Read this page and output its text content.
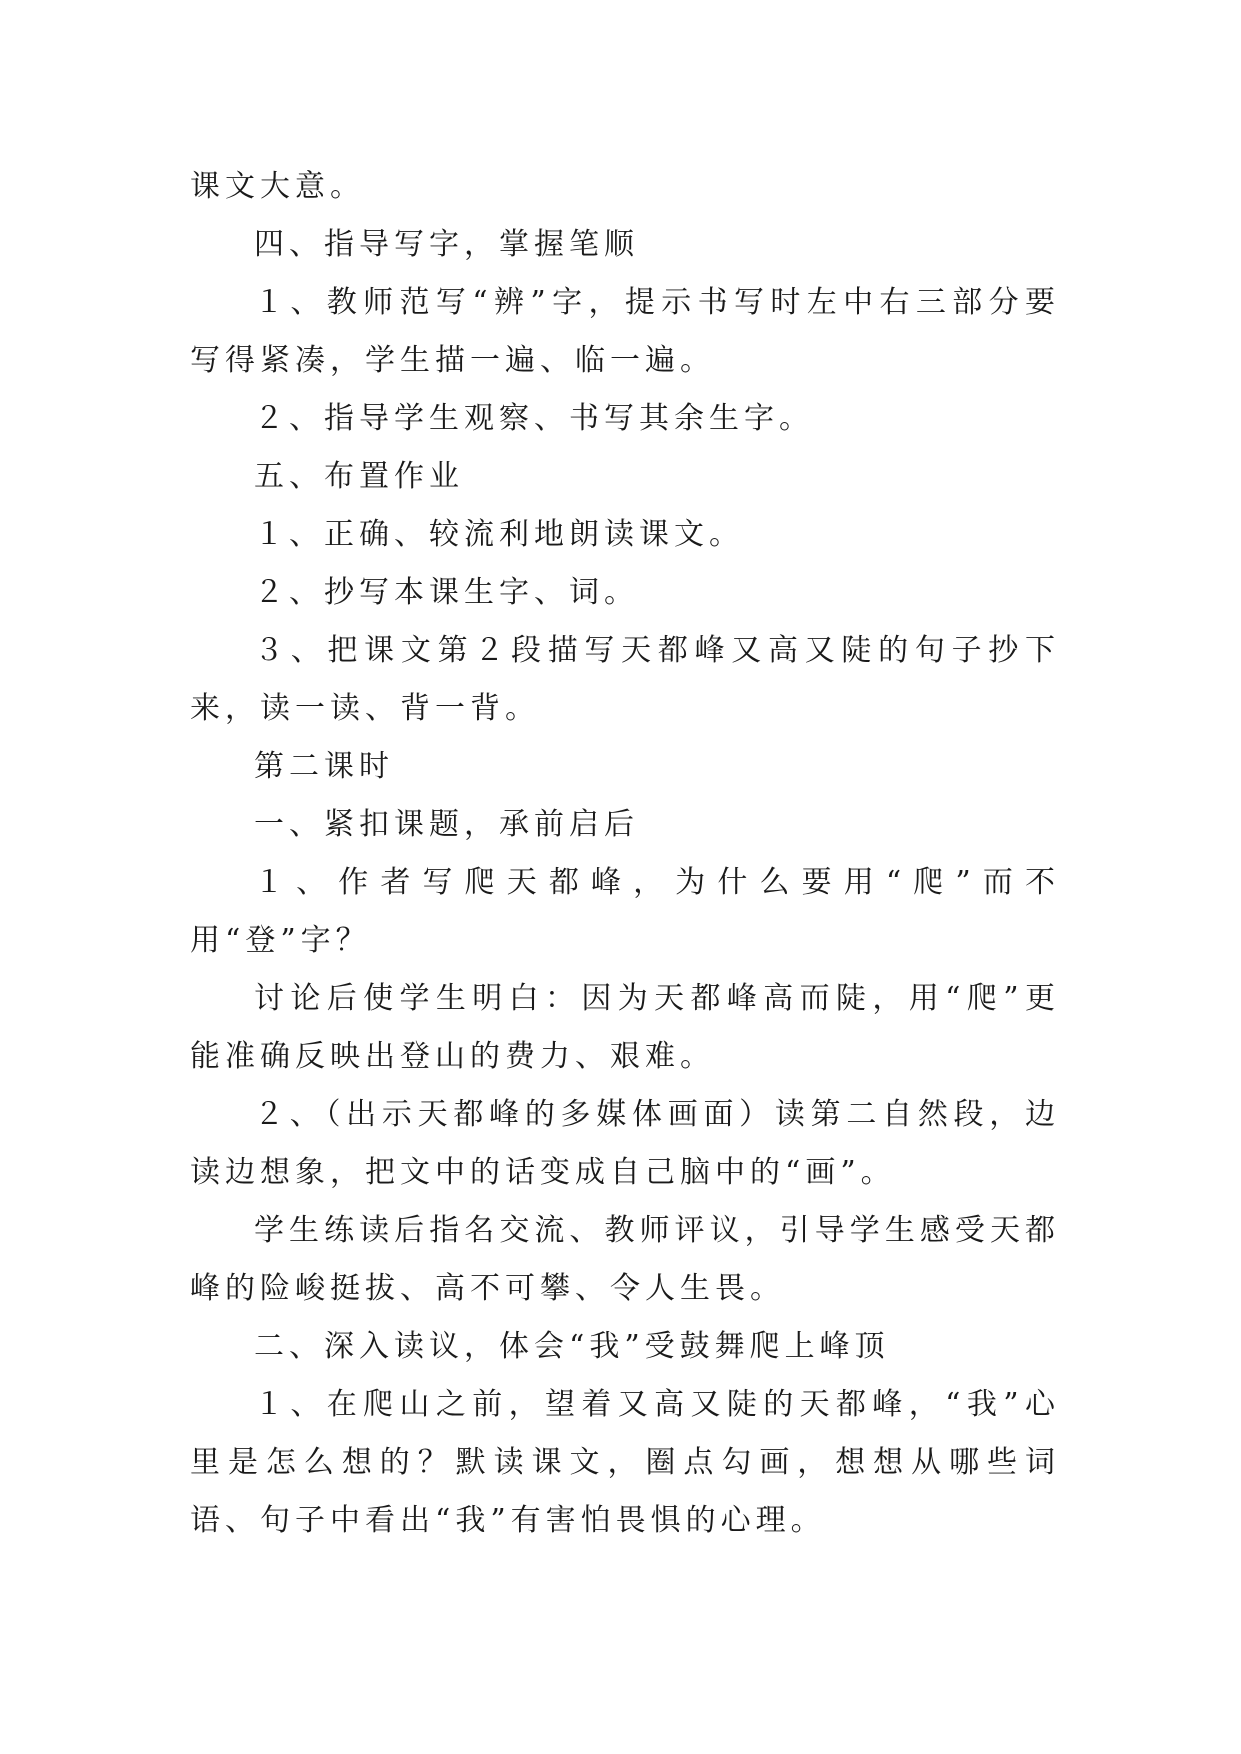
课文大意。

四、指导写字，掌握笔顺

１、教师范写“辨”字，提示书写时左中右三部分要写得紧凑，学生描一遍、临一遍。

２、指导学生观察、书写其余生字。

五、布置作业

１、正确、较流利地朗读课文。

２、抄写本课生字、词。

３、把课文第２段描写天都峰又高又陡的句子抄下来，读一读、背一背。

第二课时

一、紧扣课题，承前启后

１、作者写爬天都峰，为什么要用“爬”而不用“登”字？

讨论后使学生明白：因为天都峰高而陡，用“爬”更能准确反映出登山的费力、艰难。

２、（出示天都峰的多媒体画面）读第二自然段，边读边想象，把文中的话变成自己脑中的“画”。

学生练读后指名交流、教师评议，引导学生感受天都峰的险峻挺拔、高不可攀、令人生畏。

二、深入读议，体会“我”受鼓舞爬上峰顶

１、在爬山之前，望着又高又陡的天都峰，“我”心里是怎么想的？默读课文，圈点勾画，想想从哪些词语、句子中看出“我”有害怕畏惧的心理。
